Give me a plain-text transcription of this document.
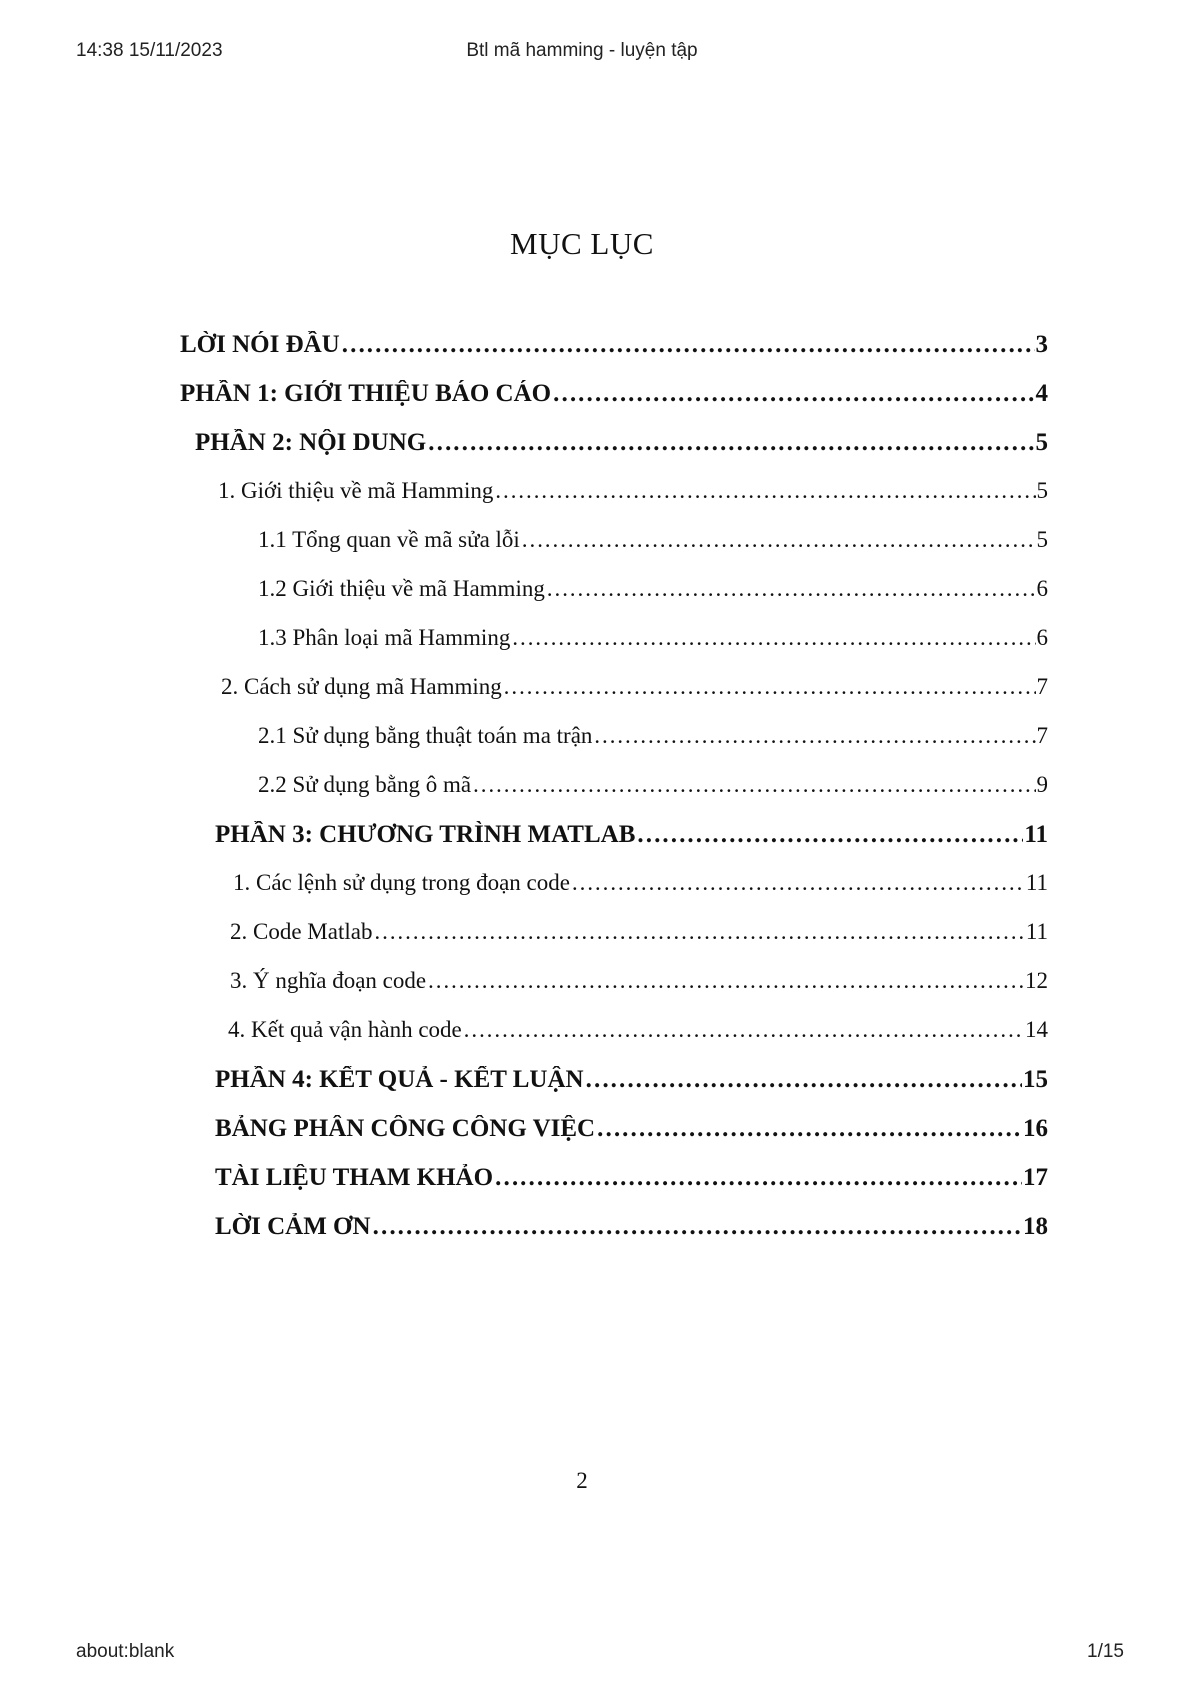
14:38 15/11/2023	Btl mã hamming - luyện tập
MỤC LỤC
LỜI NÓI ĐẦU ………………………………………………………………………………………………………………………………………………………………	3
PHẦN 1: GIỚI THIỆU BÁO CÁO ………………………………………………………………………………………………………………………………………………………………	4
PHẦN 2: NỘI DUNG ………………………………………………………………………………………………………………………………………………………………	5
1. Giới thiệu về mã Hamming ………………………………………………………………………………………………………………………………………………………………	5
1.1 Tổng quan về mã sửa lỗi ………………………………………………………………………………………………………………………………………………………………	5
1.2 Giới thiệu về mã Hamming ………………………………………………………………………………………………………………………………………………………………	6
1.3 Phân loại mã Hamming ………………………………………………………………………………………………………………………………………………………………	6
2. Cách sử dụng mã Hamming ………………………………………………………………………………………………………………………………………………………………	7
2.1 Sử dụng bằng thuật toán ma trận ………………………………………………………………………………………………………………………………………………………………	7
2.2 Sử dụng bằng ô mã ………………………………………………………………………………………………………………………………………………………………	9
PHẦN 3: CHƯƠNG TRÌNH MATLAB ………………………………………………………………………………………………………………………………………………………………	11
1. Các lệnh sử dụng trong đoạn code ………………………………………………………………………………………………………………………………………………………………	11
2. Code Matlab ………………………………………………………………………………………………………………………………………………………………	11
3. Ý nghĩa đoạn code ………………………………………………………………………………………………………………………………………………………………	12
4. Kết quả vận hành code ………………………………………………………………………………………………………………………………………………………………	14
PHẦN 4: KẾT QUẢ - KẾT LUẬN ………………………………………………………………………………………………………………………………………………………………	15
BẢNG PHÂN CÔNG CÔNG VIỆC ………………………………………………………………………………………………………………………………………………………………	16
TÀI LIỆU THAM KHẢO ………………………………………………………………………………………………………………………………………………………………	17
LỜI CẢM ƠN ………………………………………………………………………………………………………………………………………………………………	18
2
about:blank	1/15
